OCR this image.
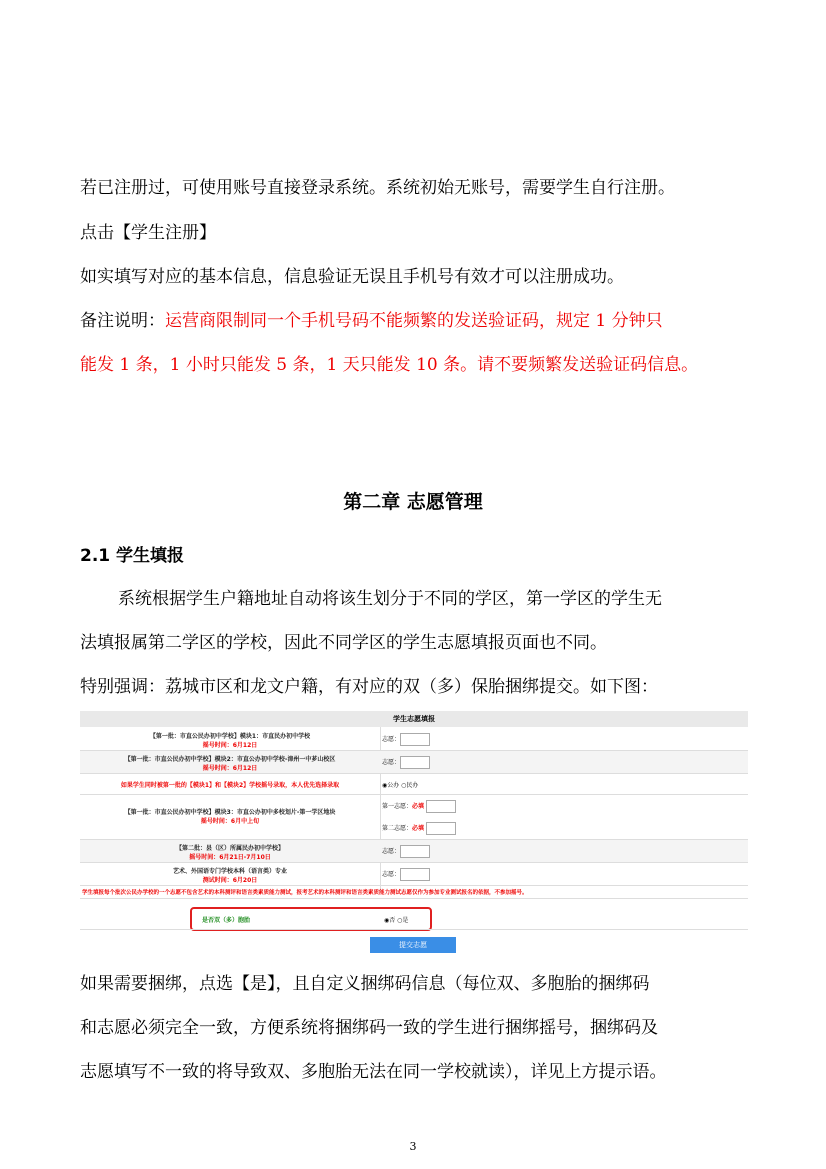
若已注册过，可使用账号直接登录系统。系统初始无账号，需要学生自行注册。
点击【学生注册】
如实填写对应的基本信息，信息验证无误且手机号有效才可以注册成功。
备注说明：运营商限制同一个手机号码不能频繁的发送验证码，规定 1 分钟只
能发 1 条，1 小时只能发 5 条，1 天只能发 10 条。请不要频繁发送验证码信息。
第二章 志愿管理
2.1 学生填报
系统根据学生户籍地址自动将该生划分于不同的学区，第一学区的学生无
法填报属第二学区的学校，因此不同学区的学生志愿填报页面也不同。
特别强调：荔城市区和龙文户籍，有对应的双（多）保胎捆绑提交。如下图：
学生志愿填报
【第一批：市直公民办初中学校】模块1：市直民办初中学校
摇号时间：6月12日
志愿：
【第一批：市直公民办初中学校】模块2：市直公办初中学校-漳州一中芗山校区
摇号时间：6月12日
志愿：
如果学生同时被第一批的【模块1】和【模块2】学校摇号录取，本人优先选择录取	◉公办 ○民办
【第一批：市直公民办初中学校】模块3：市直公办初中多校划片-第一学区地块
摇号时间：6月中上旬
第一志愿：必填
第二志愿：必填
【第二批：县（区）所属民办初中学校】
摇号时间：6月21日-7月10日
志愿：
艺术、外国语专门学校本科（语言类）专业
测试时间：6月20日
志愿：
学生填报每个批次公民办学校的一个志愿不包含艺术的本科测评和语言类素质能力测试，报考艺术的本科测评和语言类素质能力测试志愿仅作为参加专业测试报名的依据，不参加摇号。
是否双（多）胞胎	◉否 ○是
提交志愿
如果需要捆绑，点选【是】，且自定义捆绑码信息（每位双、多胞胎的捆绑码
和志愿必须完全一致，方便系统将捆绑码一致的学生进行捆绑摇号，捆绑码及
志愿填写不一致的将导致双、多胞胎无法在同一学校就读），详见上方提示语。
3
